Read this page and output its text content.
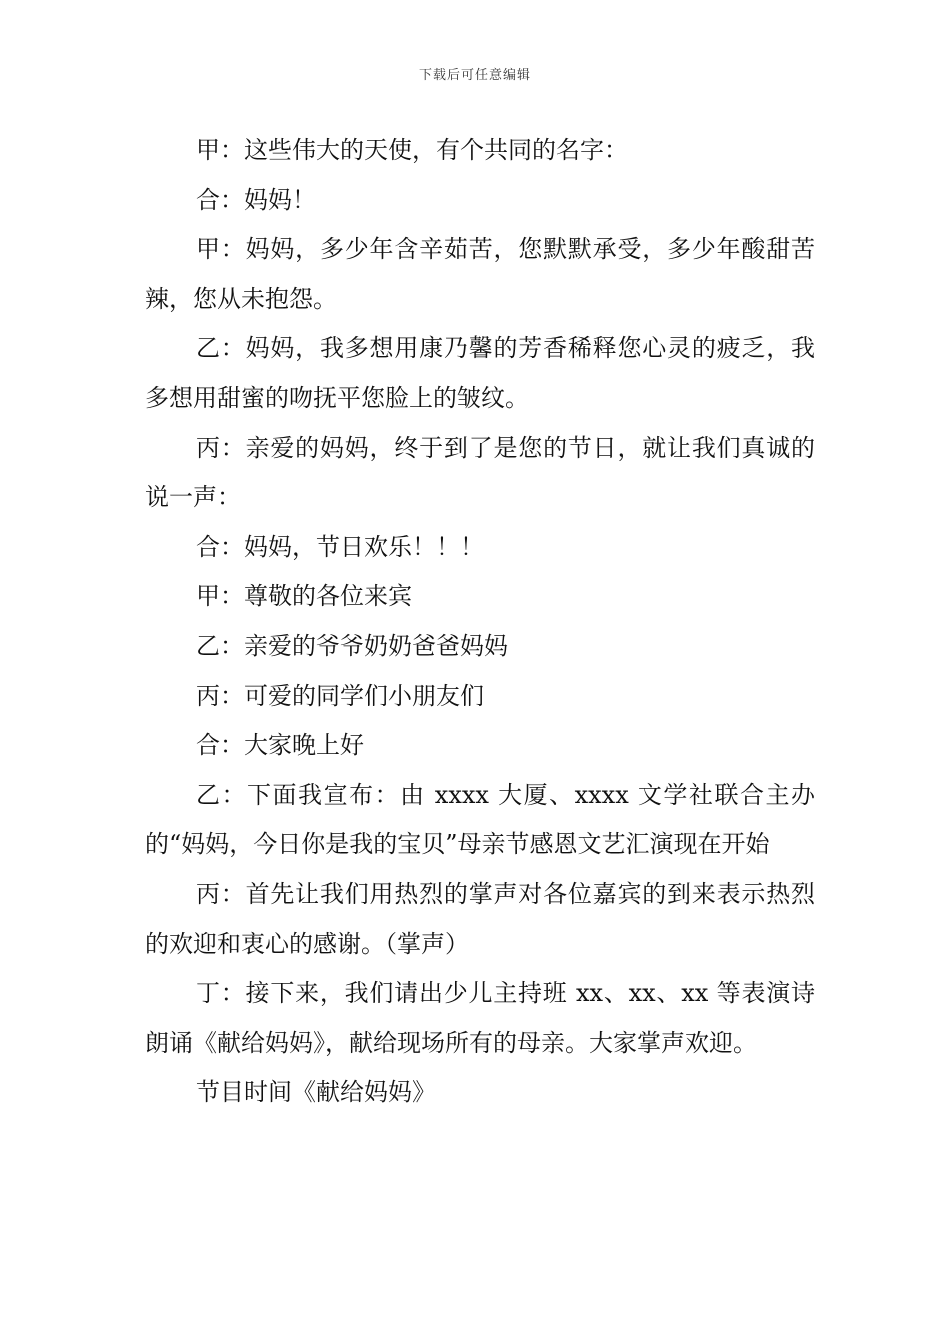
下载后可任意编辑

甲：这些伟大的天使，有个共同的名字：

合：妈妈！

甲：妈妈，多少年含辛茹苦，您默默承受，多少年酸甜苦辣，您从未抱怨。

乙：妈妈，我多想用康乃馨的芳香稀释您心灵的疲乏，我多想用甜蜜的吻抚平您脸上的皱纹。

丙：亲爱的妈妈，终于到了是您的节日，就让我们真诚的说一声：

合：妈妈，节日欢乐！！！

甲：尊敬的各位来宾

乙：亲爱的爷爷奶奶爸爸妈妈

丙：可爱的同学们小朋友们

合：大家晚上好

乙：下面我宣布：由 xxxx 大厦、xxxx 文学社联合主办的“妈妈，今日你是我的宝贝”母亲节感恩文艺汇演现在开始

丙：首先让我们用热烈的掌声对各位嘉宾的到来表示热烈的欢迎和衷心的感谢。（掌声）

丁：接下来，我们请出少儿主持班 xx、xx、xx 等表演诗朗诵《献给妈妈》，献给现场所有的母亲。大家掌声欢迎。

节目时间《献给妈妈》
